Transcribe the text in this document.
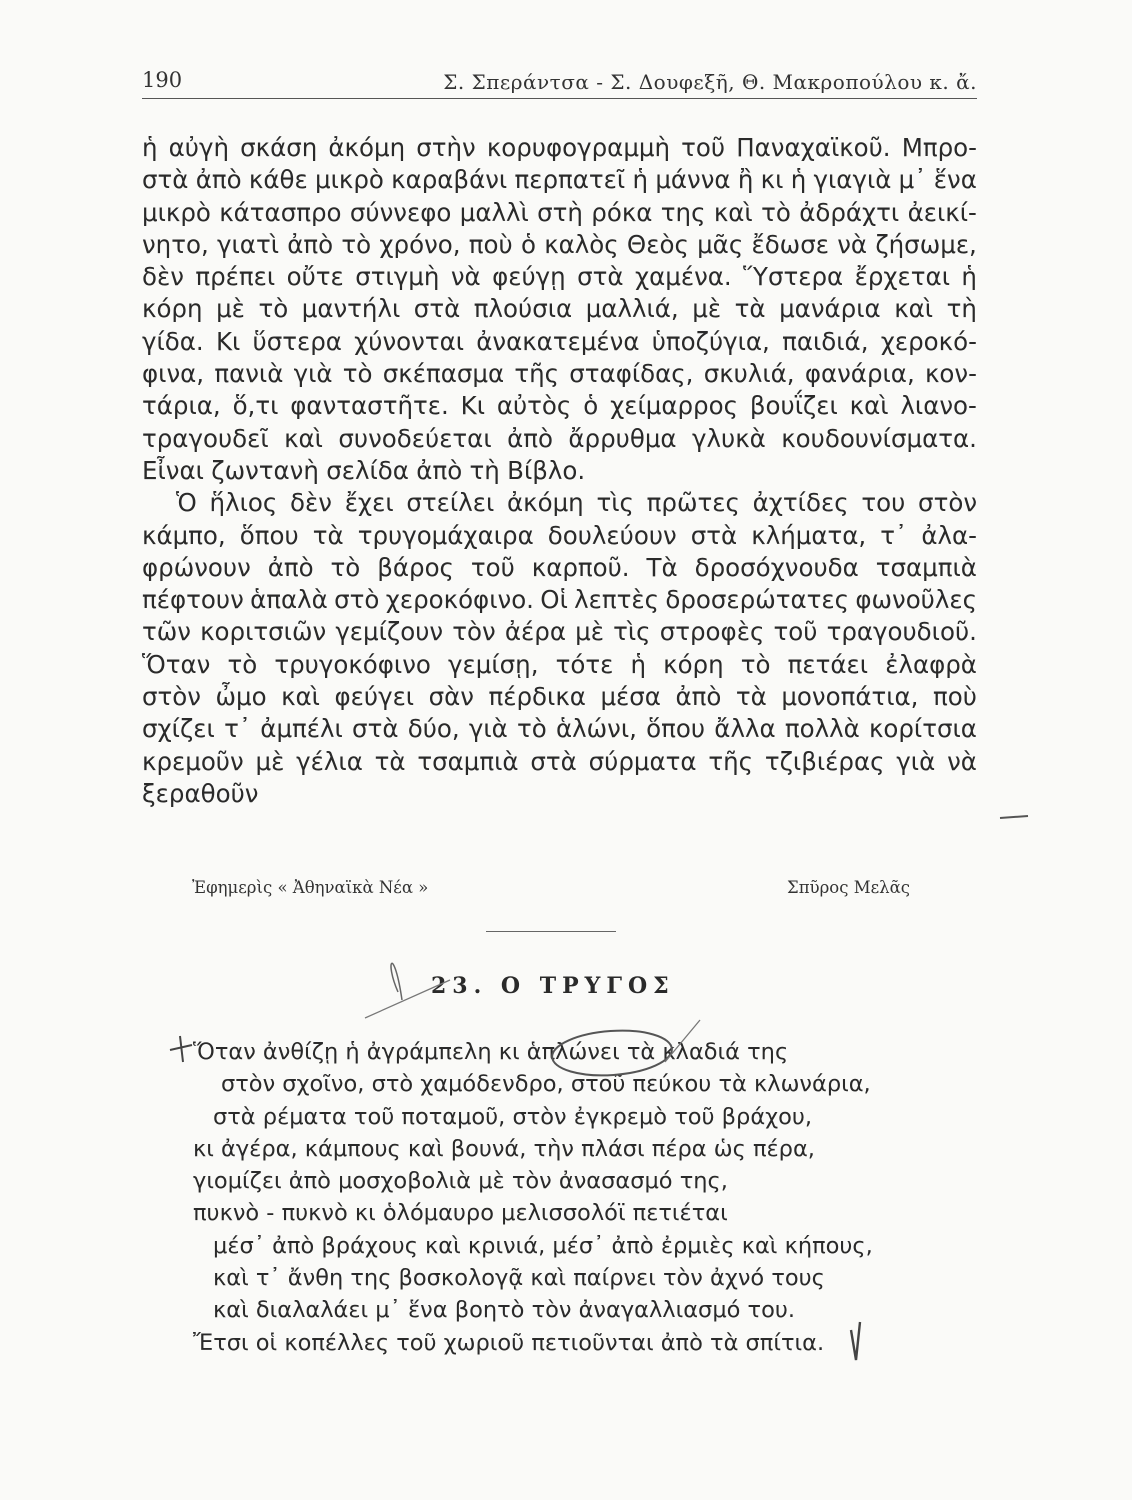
190	Σ. Σπεράντσα - Σ. Δουφεξῆ, Θ. Μακροπούλου κ. ἄ.
ἡ αὐγὴ σκάση ἀκόμη στὴν κορυφογραμμὴ τοῦ Παναχαϊκοῦ. Μπρο-
στὰ ἀπὸ κάθε μικρὸ καραβάνι περπατεῖ ἡ μάννα ἢ κι ἡ γιαγιὰ μ᾽ ἕνα
μικρὸ κάτασπρο σύννεφο μαλλὶ στὴ ρόκα της καὶ τὸ ἀδράχτι ἀεικί-
νητο, γιατὶ ἀπὸ τὸ χρόνο, ποὺ ὁ καλὸς Θεὸς μᾶς ἔδωσε νὰ ζήσωμε,
δὲν πρέπει οὔτε στιγμὴ νὰ φεύγῃ στὰ χαμένα. Ὕστερα ἔρχεται ἡ
κόρη μὲ τὸ μαντήλι στὰ πλούσια μαλλιά, μὲ τὰ μανάρια καὶ τὴ
γίδα. Κι ὕστερα χύνονται ἀνακατεμένα ὑποζύγια, παιδιά, χεροκό-
φινα, πανιὰ γιὰ τὸ σκέπασμα τῆς σταφίδας, σκυλιά, φανάρια, κον-
τάρια, ὅ,τι φανταστῆτε. Κι αὐτὸς ὁ χείμαρρος βουΐζει καὶ λιανο-
τραγουδεῖ καὶ συνοδεύεται ἀπὸ ἄρρυθμα γλυκὰ κουδουνίσματα.
Εἶναι ζωντανὴ σελίδα ἀπὸ τὴ Βίβλο.
Ὁ ἥλιος δὲν ἔχει στείλει ἀκόμη τὶς πρῶτες ἀχτίδες του στὸν
κάμπο, ὅπου τὰ τρυγομάχαιρα δουλεύουν στὰ κλήματα, τ᾽ ἀλα-
φρώνουν ἀπὸ τὸ βάρος τοῦ καρποῦ. Τὰ δροσόχνουδα τσαμπιὰ
πέφτουν ἁπαλὰ στὸ χεροκόφινο. Οἱ λεπτὲς δροσερώτατες φωνοῦλες
τῶν κοριτσιῶν γεμίζουν τὸν ἀέρα μὲ τὶς στροφὲς τοῦ τραγουδιοῦ.
Ὅταν τὸ τρυγοκόφινο γεμίσῃ, τότε ἡ κόρη τὸ πετάει ἐλαφρὰ
στὸν ὦμο καὶ φεύγει σὰν πέρδικα μέσα ἀπὸ τὰ μονοπάτια, ποὺ
σχίζει τ᾽ ἀμπέλι στὰ δύο, γιὰ τὸ ἁλώνι, ὅπου ἄλλα πολλὰ κορίτσια
κρεμοῦν μὲ γέλια τὰ τσαμπιὰ στὰ σύρματα τῆς τζιβιέρας γιὰ νὰ
ξεραθοῦν
Ἐφημερὶς « Ἀθηναϊκὰ Νέα »	Σπῦρος Μελᾶς
23. Ο ΤΡΥΓΟΣ
Ὅταν ἀνθίζῃ ἡ ἀγράμπελη κι ἁπλώνει τὰ κλαδιά της
στὸν σχοῖνο, στὸ χαμόδενδρο, στοῦ πεύκου τὰ κλωνάρια,
στὰ ρέματα τοῦ ποταμοῦ, στὸν ἐγκρεμὸ τοῦ βράχου,
κι ἀγέρα, κάμπους καὶ βουνά, τὴν πλάσι πέρα ὡς πέρα,
γιομίζει ἀπὸ μοσχοβολιὰ μὲ τὸν ἀνασασμό της,
πυκνὸ - πυκνὸ κι ὁλόμαυρο μελισσολόϊ πετιέται
μέσ᾽ ἀπὸ βράχους καὶ κρινιά, μέσ᾽ ἀπὸ ἐρμιὲς καὶ κήπους,
καὶ τ᾽ ἄνθη της βοσκολογᾷ καὶ παίρνει τὸν ἀχνό τους
καὶ διαλαλάει μ᾽ ἕνα βοητὸ τὸν ἀναγαλλιασμό του.
Ἔτσι οἱ κοπέλλες τοῦ χωριοῦ πετιοῦνται ἀπὸ τὰ σπίτια.
